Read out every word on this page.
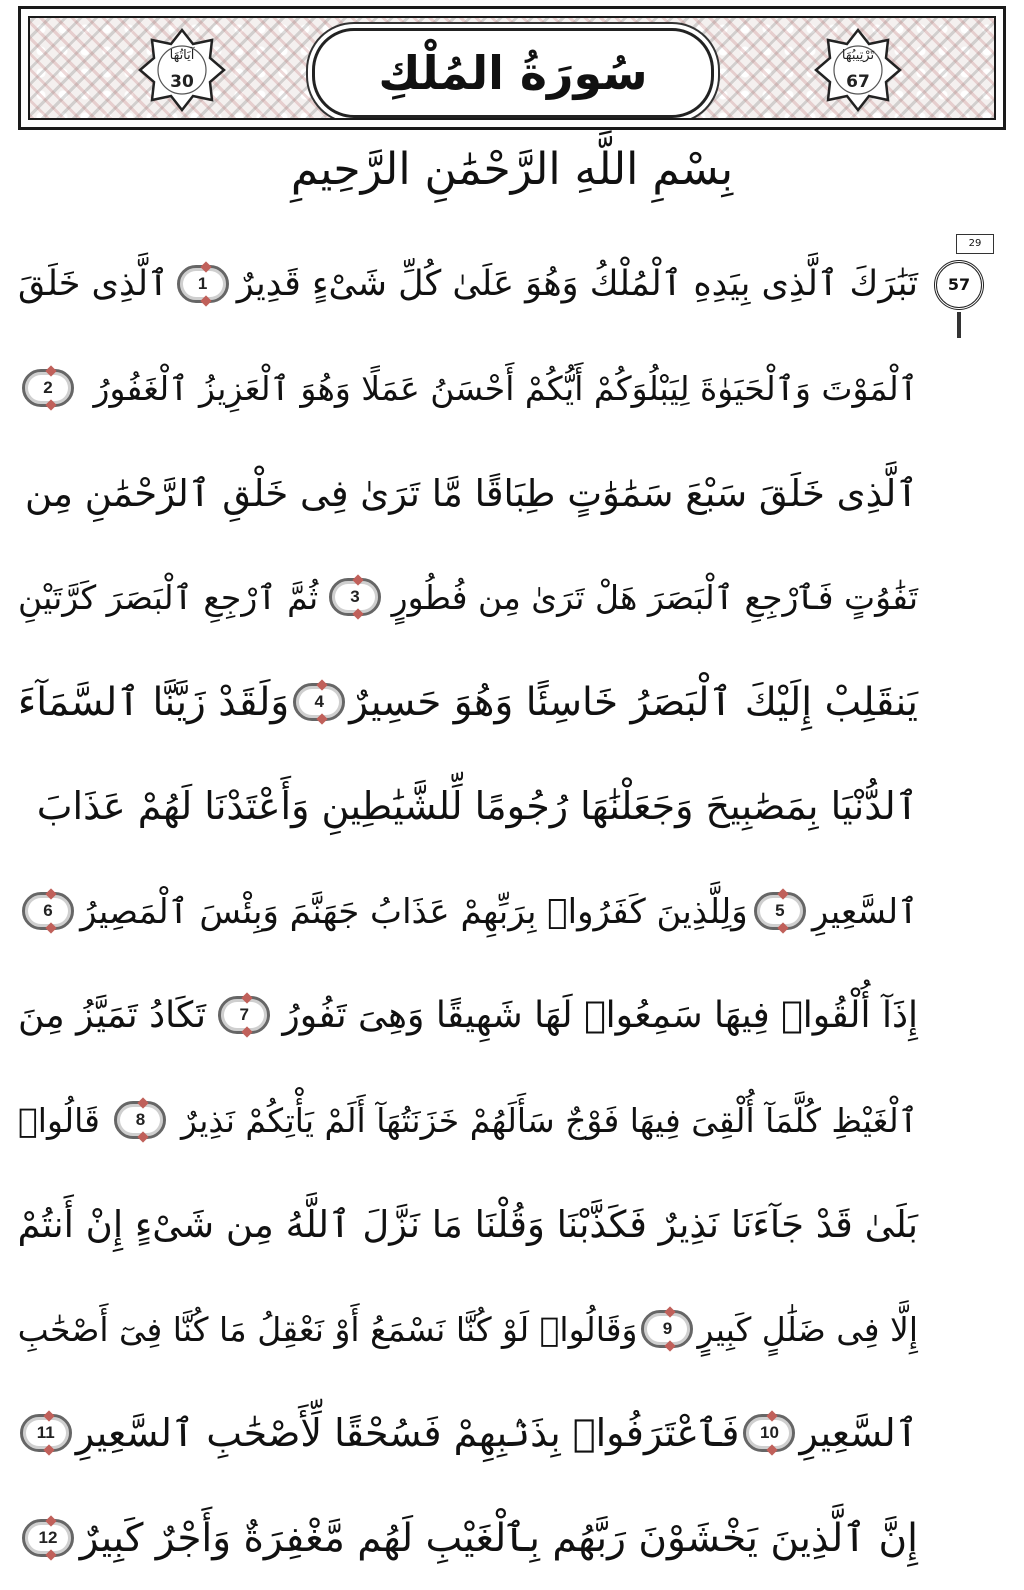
تَرْتِيبُهَا
67
سُورَةُ المُلْكِ
آيَاتُهَا
30
بِسْمِ اللَّهِ الرَّحْمَٰنِ الرَّحِيمِ
29
57
تَبَٰرَكَ ٱلَّذِى بِيَدِهِ ٱلْمُلْكُ وَهُوَ عَلَىٰ كُلِّ شَىْءٍ قَدِيرٌ
1
ٱلَّذِى خَلَقَ
ٱلْمَوْتَ وَٱلْحَيَوٰةَ لِيَبْلُوَكُمْ أَيُّكُمْ أَحْسَنُ عَمَلًا وَهُوَ ٱلْعَزِيزُ ٱلْغَفُورُ
2
ٱلَّذِى خَلَقَ سَبْعَ سَمَٰوَٰتٍ طِبَاقًا مَّا تَرَىٰ فِى خَلْقِ ٱلرَّحْمَٰنِ مِن
تَفَٰوُتٍ فَٱرْجِعِ ٱلْبَصَرَ هَلْ تَرَىٰ مِن فُطُورٍ
3
ثُمَّ ٱرْجِعِ ٱلْبَصَرَ كَرَّتَيْنِ
يَنقَلِبْ إِلَيْكَ ٱلْبَصَرُ خَاسِئًا وَهُوَ حَسِيرٌ
4
وَلَقَدْ زَيَّنَّا ٱلسَّمَآءَ
ٱلدُّنْيَا بِمَصَٰبِيحَ وَجَعَلْنَٰهَا رُجُومًا لِّلشَّيَٰطِينِ وَأَعْتَدْنَا لَهُمْ عَذَابَ
ٱلسَّعِيرِ
5
وَلِلَّذِينَ كَفَرُوا۟ بِرَبِّهِمْ عَذَابُ جَهَنَّمَ وَبِئْسَ ٱلْمَصِيرُ
6
إِذَآ أُلْقُوا۟ فِيهَا سَمِعُوا۟ لَهَا شَهِيقًا وَهِىَ تَفُورُ
7
تَكَادُ تَمَيَّزُ مِنَ
ٱلْغَيْظِ كُلَّمَآ أُلْقِىَ فِيهَا فَوْجٌ سَأَلَهُمْ خَزَنَتُهَآ أَلَمْ يَأْتِكُمْ نَذِيرٌ
8
قَالُوا۟
بَلَىٰ قَدْ جَآءَنَا نَذِيرٌ فَكَذَّبْنَا وَقُلْنَا مَا نَزَّلَ ٱللَّهُ مِن شَىْءٍ إِنْ أَنتُمْ
إِلَّا فِى ضَلَٰلٍ كَبِيرٍ
9
وَقَالُوا۟ لَوْ كُنَّا نَسْمَعُ أَوْ نَعْقِلُ مَا كُنَّا فِىٓ أَصْحَٰبِ
ٱلسَّعِيرِ
10
فَٱعْتَرَفُوا۟ بِذَنۢبِهِمْ فَسُحْقًا لِّأَصْحَٰبِ ٱلسَّعِيرِ
11
إِنَّ ٱلَّذِينَ يَخْشَوْنَ رَبَّهُم بِٱلْغَيْبِ لَهُم مَّغْفِرَةٌ وَأَجْرٌ كَبِيرٌ
12
